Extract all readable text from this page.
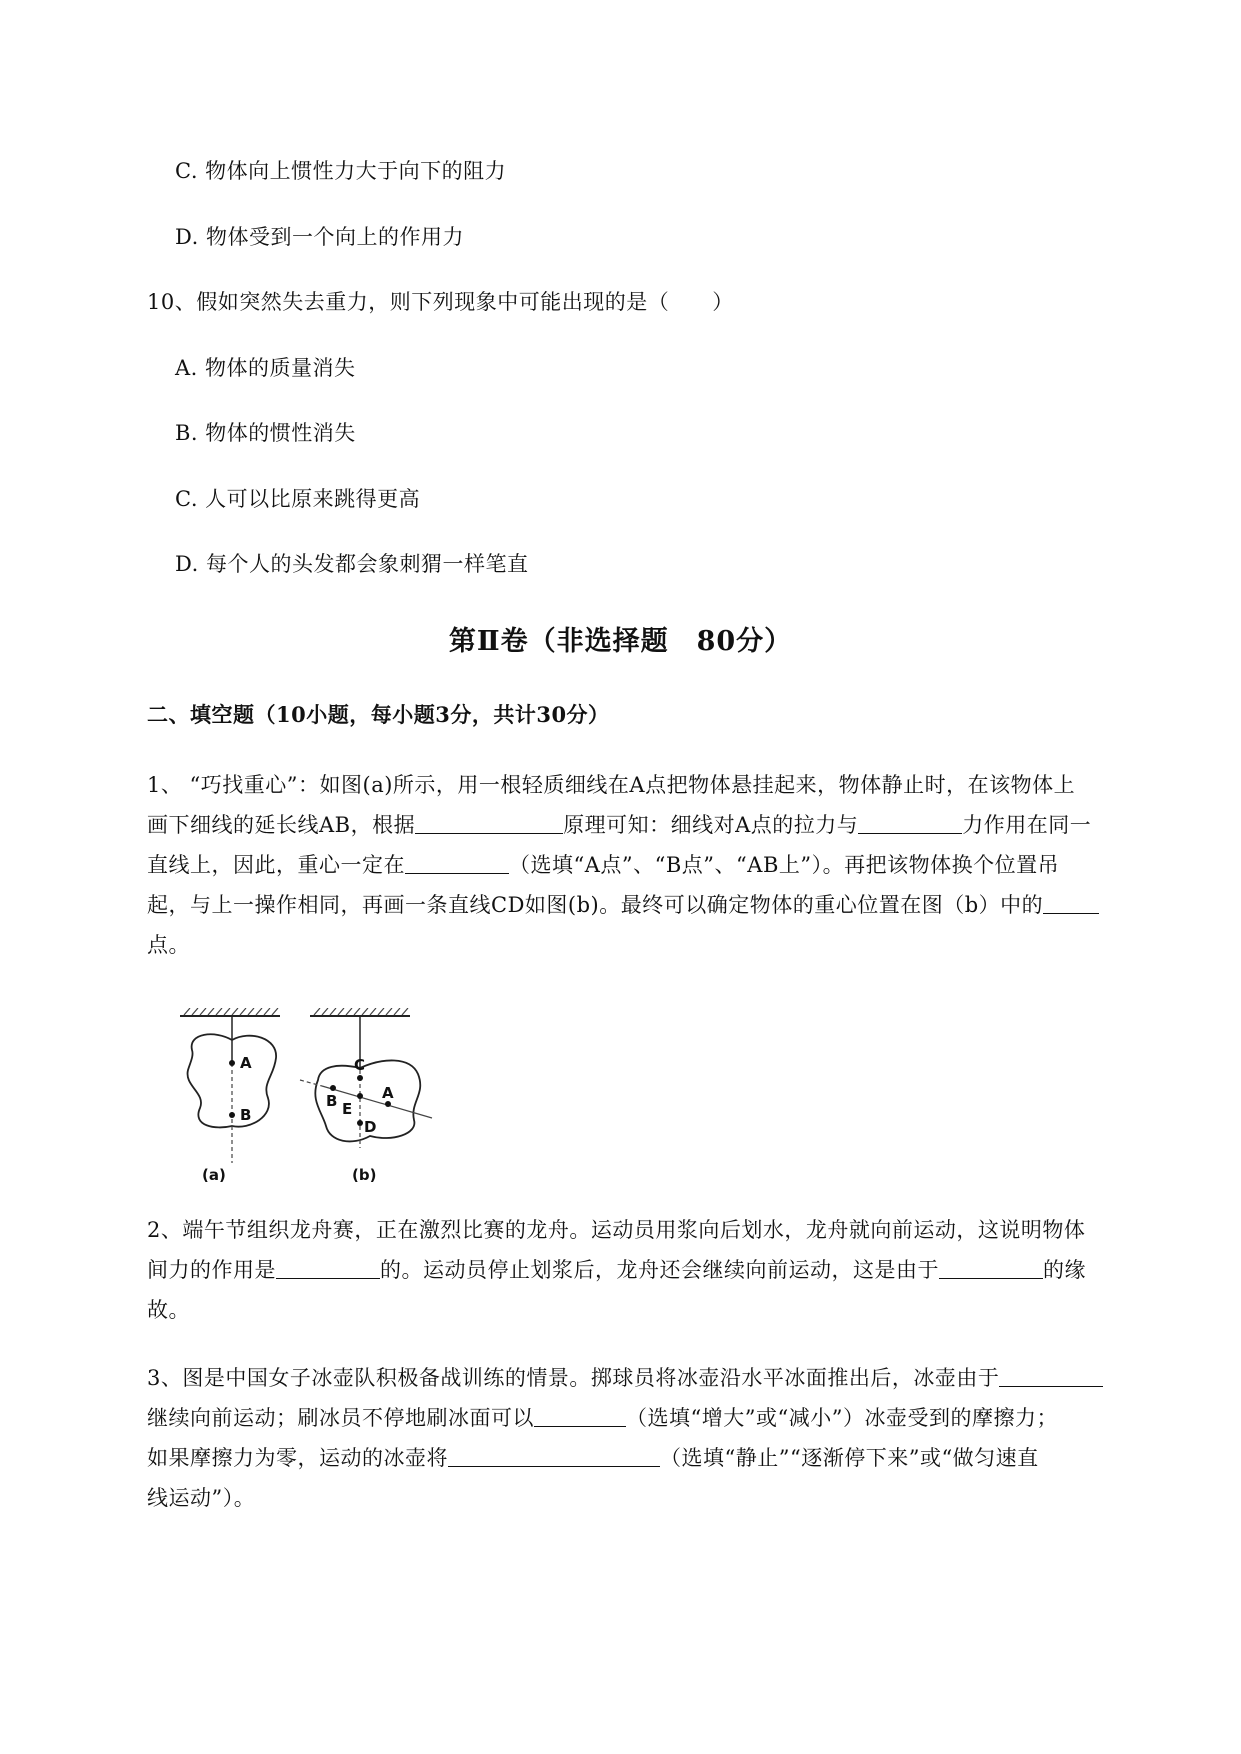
C. 物体向上惯性力大于向下的阻力
D. 物体受到一个向上的作用力
10、假如突然失去重力，则下列现象中可能出现的是（　　）
A. 物体的质量消失
B. 物体的惯性消失
C. 人可以比原来跳得更高
D. 每个人的头发都会象刺猬一样笔直
第Ⅱ卷（非选择题　80分）
二、填空题（10小题，每小题3分，共计30分）
1、 “巧找重心”：如图(a)所示，用一根轻质细线在A点把物体悬挂起来，物体静止时，在该物体上
画下细线的延长线AB，根据	原理可知：细线对A点的拉力与	力作用在同一
直线上，因此，重心一定在	（选填“A点”、“B点”、“AB上”）。再把该物体换个位置吊
起，与上一操作相同，再画一条直线CD如图(b)。最终可以确定物体的重心位置在图（b）中的
点。
A
B
(a)
C
B E
A
D
(b)
2、端午节组织龙舟赛，正在激烈比赛的龙舟。运动员用浆向后划水，龙舟就向前运动，这说明物体
间力的作用是	的。运动员停止划浆后，龙舟还会继续向前运动，这是由于	的缘
故。
3、图是中国女子冰壶队积极备战训练的情景。掷球员将冰壶沿水平冰面推出后，冰壶由于
继续向前运动；刷冰员不停地刷冰面可以	（选填“增大”或“减小”）冰壶受到的摩擦力；
如果摩擦力为零，运动的冰壶将	（选填“静止”“逐渐停下来”或“做匀速直
线运动”）。
